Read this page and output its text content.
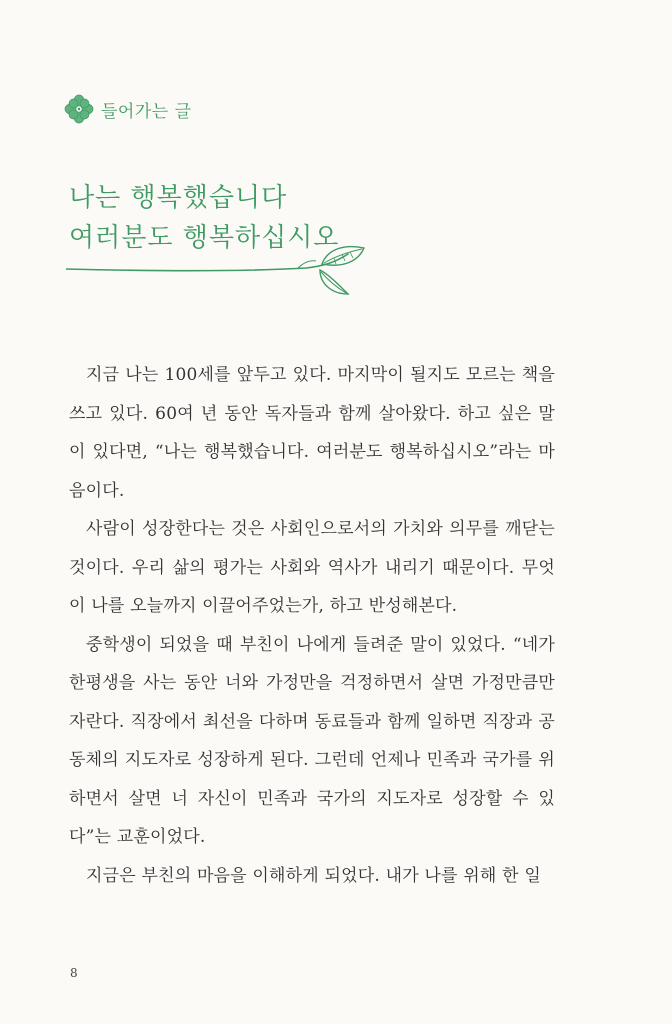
들어가는 글
나는 행복했습니다
여러분도 행복하십시오

지금 나는 100세를 앞두고 있다. 마지막이 될지도 모르는 책을 쓰고 있다. 60여 년 동안 독자들과 함께 살아왔다. 하고 싶은 말이 있다면, “나는 행복했습니다. 여러분도 행복하십시오”라는 마음이다.

사람이 성장한다는 것은 사회인으로서의 가치와 의무를 깨닫는 것이다. 우리 삶의 평가는 사회와 역사가 내리기 때문이다. 무엇이 나를 오늘까지 이끌어주었는가, 하고 반성해본다.

중학생이 되었을 때 부친이 나에게 들려준 말이 있었다. “네가 한평생을 사는 동안 너와 가정만을 걱정하면서 살면 가정만큼만 자란다. 직장에서 최선을 다하며 동료들과 함께 일하면 직장과 공동체의 지도자로 성장하게 된다. 그런데 언제나 민족과 국가를 위하면서 살면 너 자신이 민족과 국가의 지도자로 성장할 수 있다”는 교훈이었다.

지금은 부친의 마음을 이해하게 되었다. 내가 나를 위해 한 일

8
